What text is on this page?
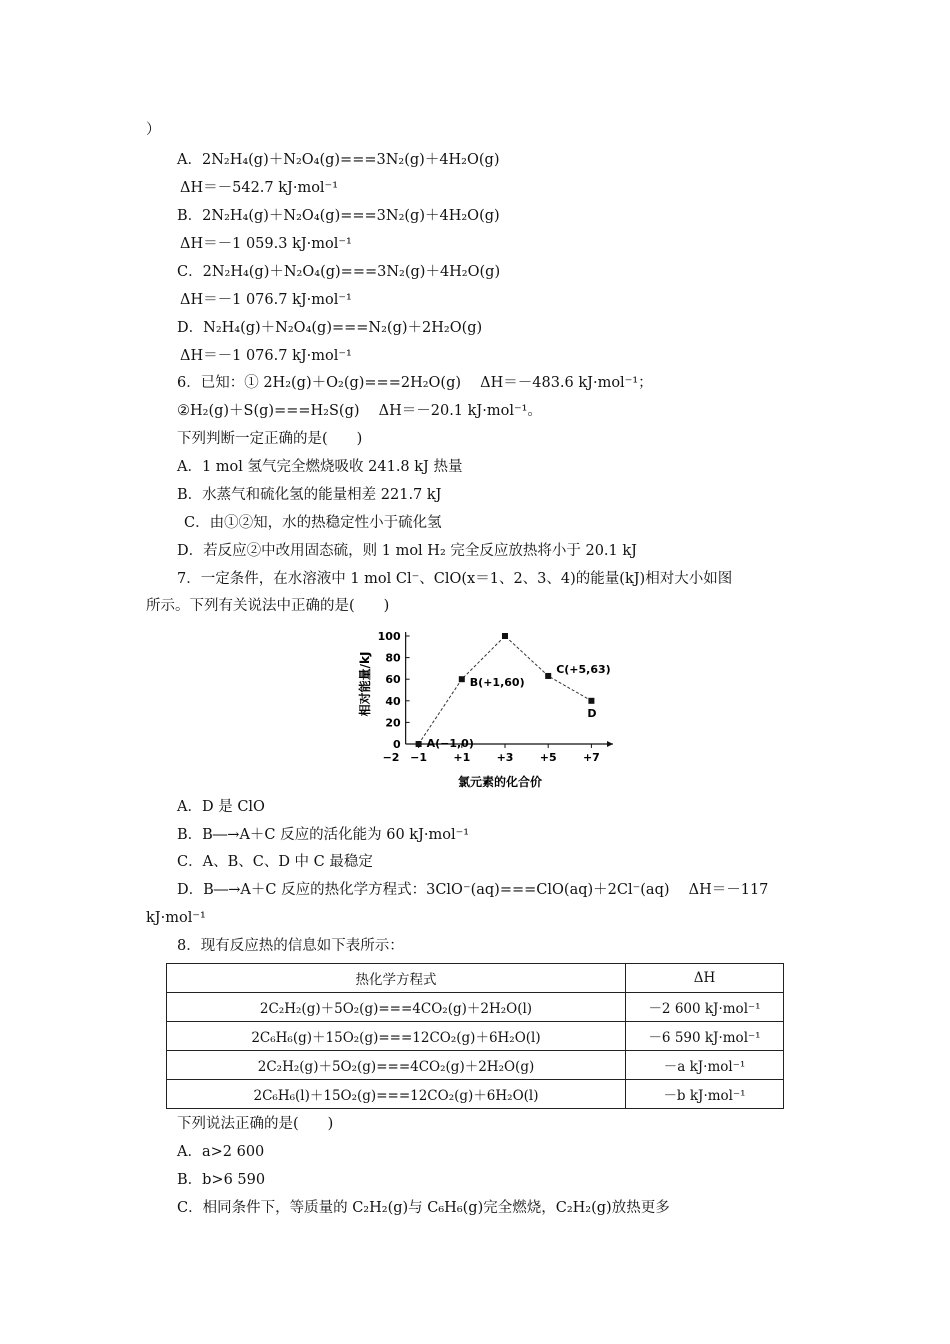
）
A．2N₂H₄(g)＋N₂O₄(g)===3N₂(g)＋4H₂O(g)
ΔH＝－542.7 kJ·mol⁻¹
B．2N₂H₄(g)＋N₂O₄(g)===3N₂(g)＋4H₂O(g)
ΔH＝－1 059.3 kJ·mol⁻¹
C．2N₂H₄(g)＋N₂O₄(g)===3N₂(g)＋4H₂O(g)
ΔH＝－1 076.7 kJ·mol⁻¹
D．N₂H₄(g)＋N₂O₄(g)===N₂(g)＋2H₂O(g)
ΔH＝－1 076.7 kJ·mol⁻¹
6．已知：① 2H₂(g)＋O₂(g)===2H₂O(g)　 ΔH＝－483.6 kJ·mol⁻¹；
②H₂(g)＋S(g)===H₂S(g)　 ΔH＝－20.1 kJ·mol⁻¹。
下列判断一定正确的是(　　)
A．1 mol 氢气完全燃烧吸收 241.8 kJ 热量
B．水蒸气和硫化氢的能量相差 221.7 kJ
C．由①②知，水的热稳定性小于硫化氢
D．若反应②中改用固态硫，则 1 mol H₂ 完全反应放热将小于 20.1 kJ
7．一定条件，在水溶液中 1 mol Cl⁻、ClO(x＝1、2、3、4)的能量(kJ)相对大小如图
所示。下列有关说法中正确的是(　　)
−2 −1 +1 +3 +5 +7
0
20
40
60
80
100
A(−1,0)
B(+1,60)
C(+5,63)
D
氯元素的化合价
相对能量/kJ
A．D 是 ClO
B．B―→A＋C 反应的活化能为 60 kJ·mol⁻¹
C．A、B、C、D 中 C 最稳定
D．B―→A＋C 反应的热化学方程式：3ClO⁻(aq)===ClO(aq)＋2Cl⁻(aq)　 ΔH＝－117
kJ·mol⁻¹
8．现有反应热的信息如下表所示：
热化学方程式	ΔH
2C₂H₂(g)＋5O₂(g)===4CO₂(g)＋2H₂O(l)	－2 600 kJ·mol⁻¹
2C₆H₆(g)＋15O₂(g)===12CO₂(g)＋6H₂O(l)	－6 590 kJ·mol⁻¹
2C₂H₂(g)＋5O₂(g)===4CO₂(g)＋2H₂O(g)	－a kJ·mol⁻¹
2C₆H₆(l)＋15O₂(g)===12CO₂(g)＋6H₂O(l)	－b kJ·mol⁻¹
下列说法正确的是(　　)
A．a>2 600
B．b>6 590
C．相同条件下，等质量的 C₂H₂(g)与 C₆H₆(g)完全燃烧，C₂H₂(g)放热更多
